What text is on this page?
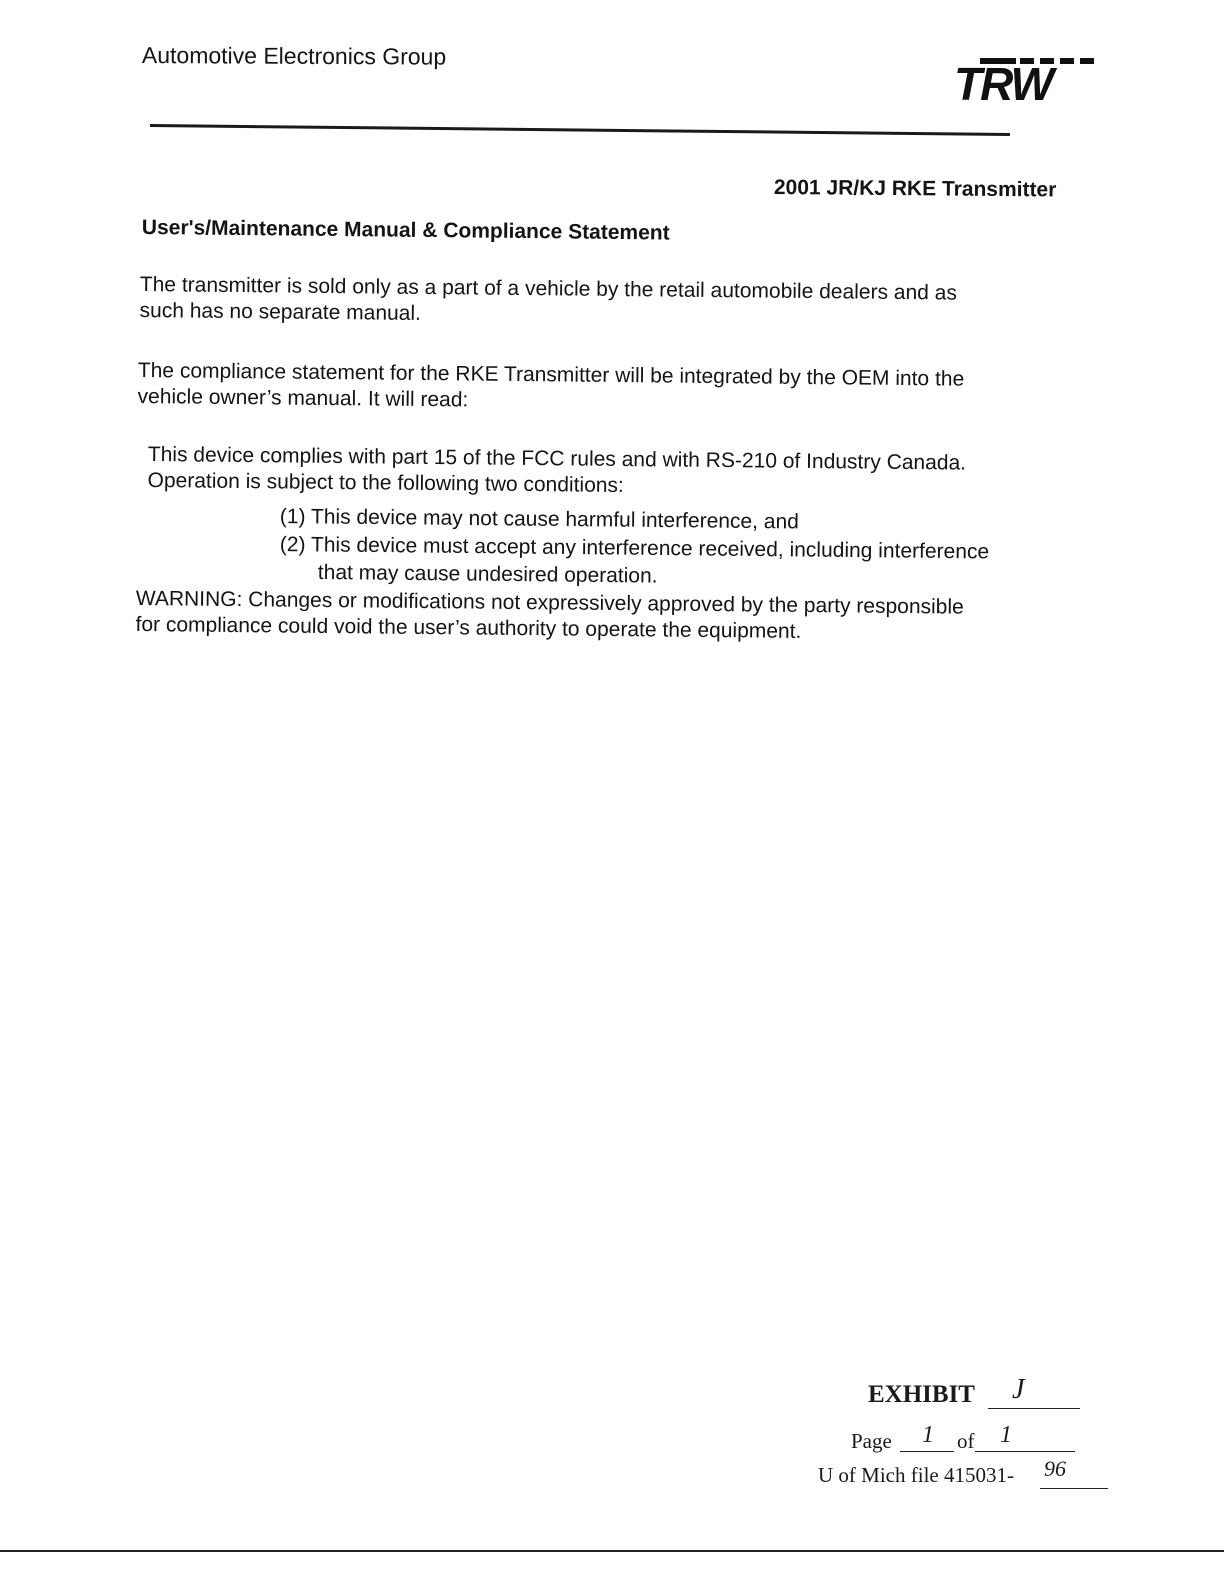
Automotive Electronics Group
TRW
2001 JR/KJ RKE Transmitter
User's/Maintenance Manual & Compliance Statement
The transmitter is sold only as a part of a vehicle by the retail automobile dealers and as
such has no separate manual.
The compliance statement for the RKE Transmitter will be integrated by the OEM into the
vehicle owner’s manual. It will read:
This device complies with part 15 of the FCC rules and with RS-210 of Industry Canada.
Operation is subject to the following two conditions:
(1) This device may not cause harmful interference, and
(2) This device must accept any interference received, including interference
that may cause undesired operation.
WARNING: Changes or modifications not expressively approved by the party responsible
for compliance could void the user’s authority to operate the equipment.
EXHIBIT J
Page 1 of 1
U of Mich file 415031- 96
